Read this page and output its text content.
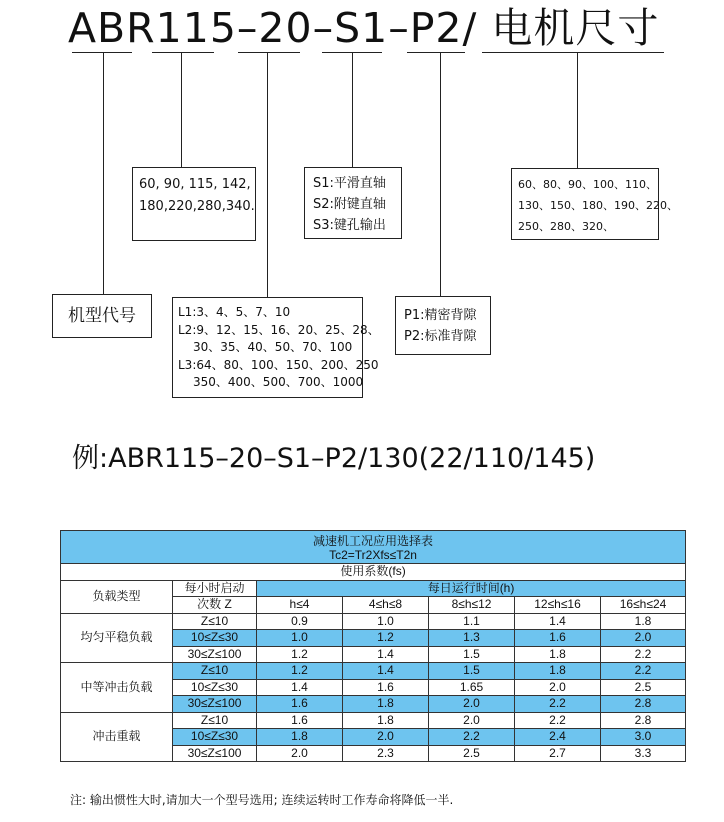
ABR115–20–S1–P2/ 电机尺寸
机型代号
60, 90, 115, 142,
180,220,280,340.
S1:平滑直轴
S2:附键直轴
S3:键孔输出
60、80、90、100、110、
130、150、180、190、220、
250、280、320、
L1:3、4、5、7、10
L2:9、12、15、16、20、25、28、
30、35、40、50、70、100
L3:64、80、100、150、200、250
350、400、500、700、1000
P1:精密背隙
P2:标准背隙
例:ABR115–20–S1–P2/130(22/110/145)
减速机工况应用选择表
Tc2=Tr2Xfs≤T2n						

使用系数(fs)						
负载类型	每小时启动	每日运行时间(h)				
	次数 Z	h≤4	4≤h≤8	8≤h≤12	12≤h≤16	16≤h≤24
均匀平稳负载	Z≤10	0.9	1.0	1.1	1.4	1.8
	10≤Z≤30	1.0	1.2	1.3	1.6	2.0
	30≤Z≤100	1.2	1.4	1.5	1.8	2.2
中等冲击负载	Z≤10	1.2	1.4	1.5	1.8	2.2
	10≤Z≤30	1.4	1.6	1.65	2.0	2.5
	30≤Z≤100	1.6	1.8	2.0	2.2	2.8
冲击重载	Z≤10	1.6	1.8	2.0	2.2	2.8
	10≤Z≤30	1.8	2.0	2.2	2.4	3.0
	30≤Z≤100	2.0	2.3	2.5	2.7	3.3
注: 输出惯性大时,请加大一个型号选用; 连续运转时工作寿命将降低一半.
